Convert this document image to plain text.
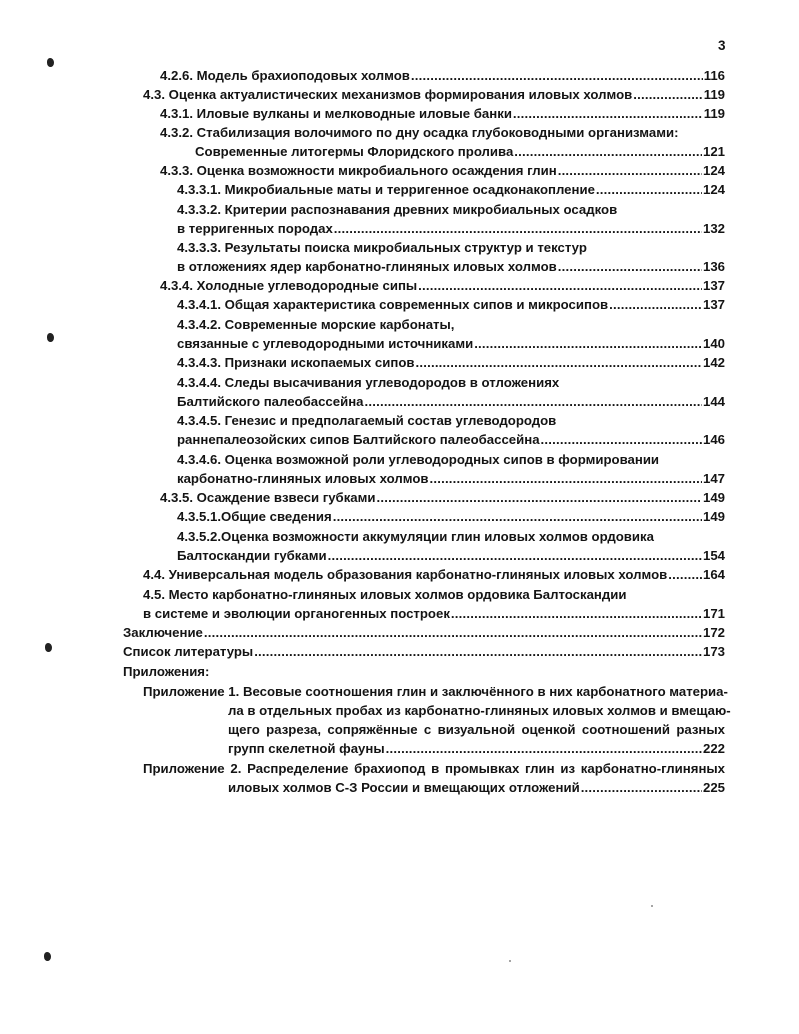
3
4.2.6. Модель брахиоподовых холмов .....	116
4.3. Оценка актуалистических механизмов формирования иловых холмов .....	119
4.3.1. Иловые вулканы и мелководные иловые банки .....	119
4.3.2. Стабилизация волочимого по дну осадка глубоководными организмами:
Современные литогермы Флоридского пролива .....	121
4.3.3. Оценка возможности микробиального осаждения глин .....	124
4.3.3.1. Микробиальные маты и терригенное осадконакопление .....	124
4.3.3.2. Критерии распознавания древних микробиальных осадков
в терригенных породах .....	132
4.3.3.3. Результаты поиска микробиальных структур и текстур
в отложениях ядер карбонатно-глиняных иловых холмов .....	136
4.3.4. Холодные углеводородные сипы .....	137
4.3.4.1. Общая характеристика современных сипов и микросипов .....	137
4.3.4.2. Современные морские карбонаты,
связанные с углеводородными источниками .....	140
4.3.4.3. Признаки ископаемых сипов .....	142
4.3.4.4. Следы высачивания углеводородов в отложениях
Балтийского палеобассейна .....	144
4.3.4.5. Генезис и предполагаемый состав углеводородов
раннепалеозойских сипов Балтийского палеобассейна .....	146
4.3.4.6. Оценка возможной роли углеводородных сипов в формировании
карбонатно-глиняных иловых холмов .....	147
4.3.5. Осаждение взвеси губками .....	149
4.3.5.1.Общие сведения .....	149
4.3.5.2.Оценка возможности аккумуляции глин иловых холмов ордовика
Балтоскандии губками .....	154
4.4. Универсальная модель образования карбонатно-глиняных иловых холмов .....	164
4.5. Место карбонатно-глиняных иловых холмов ордовика Балтоскандии
в системе и эволюции органогенных построек .....	171
Заключение .....	172
Список литературы .....	173
Приложения:
Приложение 1. Весовые соотношения глин и заключённого в них карбонатного материа-
ла в отдельных пробах из карбонатно-глиняных иловых холмов и вмещаю-
щего разреза, сопряжённые с визуальной оценкой соотношений разных
групп скелетной фауны .....	222
Приложение 2. Распределение брахиопод в промывках глин из карбонатно-глиняных
иловых холмов С-З России и вмещающих отложений .....	225
